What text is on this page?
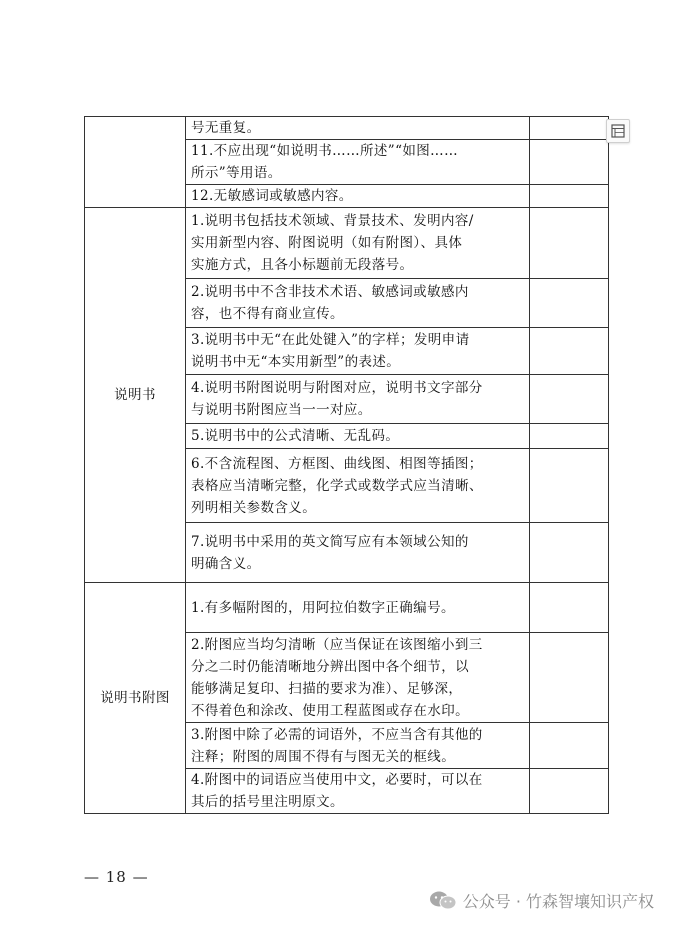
	号无重复。	

	11.不应出现“如说明书……所述”“如图……
所示”等用语。	

	12.无敏感词或敏感内容。	

说明书	1.说明书包括技术领域、背景技术、发明内容/
实用新型内容、附图说明（如有附图）、具体
实施方式，且各小标题前无段落号。	

	2.说明书中不含非技术术语、敏感词或敏感内
容，也不得有商业宣传。	

	3.说明书中无“在此处键入”的字样；发明申请
说明书中无“本实用新型”的表述。	

	4.说明书附图说明与附图对应，说明书文字部分
与说明书附图应当一一对应。	

	5.说明书中的公式清晰、无乱码。	

	6.不含流程图、方框图、曲线图、相图等插图；
表格应当清晰完整，化学式或数学式应当清晰、
列明相关参数含义。	

	7.说明书中采用的英文简写应有本领域公知的
明确含义。	

说明书附图	1.有多幅附图的，用阿拉伯数字正确编号。	

	2.附图应当均匀清晰（应当保证在该图缩小到三
分之二时仍能清晰地分辨出图中各个细节，以
能够满足复印、扫描的要求为准）、足够深，
不得着色和涂改、使用工程蓝图或存在水印。	

	3.附图中除了必需的词语外，不应当含有其他的
注释；附图的周围不得有与图无关的框线。	

	4.附图中的词语应当使用中文，必要时，可以在
其后的括号里注明原文。	

— 18 —
公众号 · 竹森智壤知识产权
